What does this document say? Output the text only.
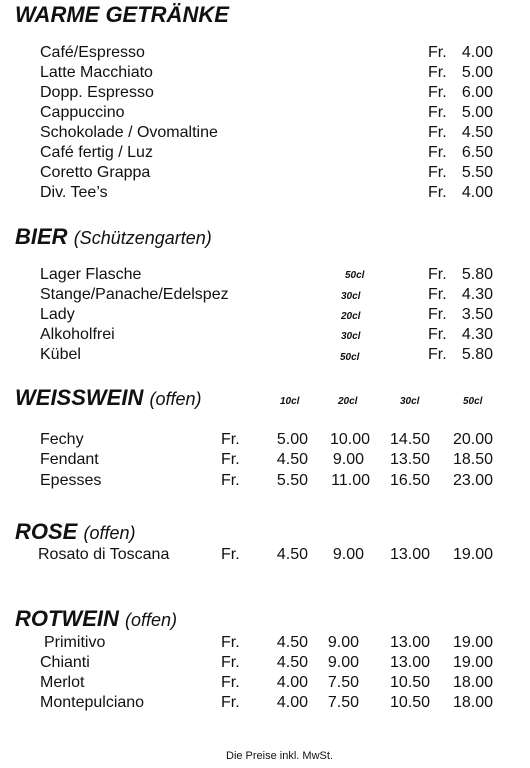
WARME GETRÄNKE
Café/Espresso	Fr. 4.00
Latte Macchiato	Fr. 5.00
Dopp. Espresso	Fr. 6.00
Cappuccino	Fr. 5.00
Schokolade / Ovomaltine	Fr. 4.50
Café fertig / Luz	Fr. 6.50
Coretto Grappa	Fr. 5.50
Div. Tee’s	Fr. 4.00
BIER (Schützengarten)
Lager Flasche	50cl	Fr. 5.80
Stange/Panache/Edelspez	30cl	Fr. 4.30
Lady	20cl	Fr. 3.50
Alkoholfrei	30cl	Fr. 4.30
Kübel	50cl	Fr. 5.80
WEISSWEIN (offen)	10cl	20cl	30cl	50cl
Fechy	Fr.	5.00	10.00	14.50	20.00
Fendant	Fr.	4.50	9.00	13.50	18.50
Epesses	Fr.	5.50	11.00	16.50	23.00
ROSE (offen)
Rosato di Toscana	Fr.	4.50	9.00	13.00	19.00
ROTWEIN (offen)
Primitivo	Fr.	4.50	9.00	13.00	19.00
Chianti	Fr.	4.50	9.00	13.00	19.00
Merlot	Fr.	4.00	7.50	10.50	18.00
Montepulciano	Fr.	4.00	7.50	10.50	18.00
Die Preise inkl. MwSt.
